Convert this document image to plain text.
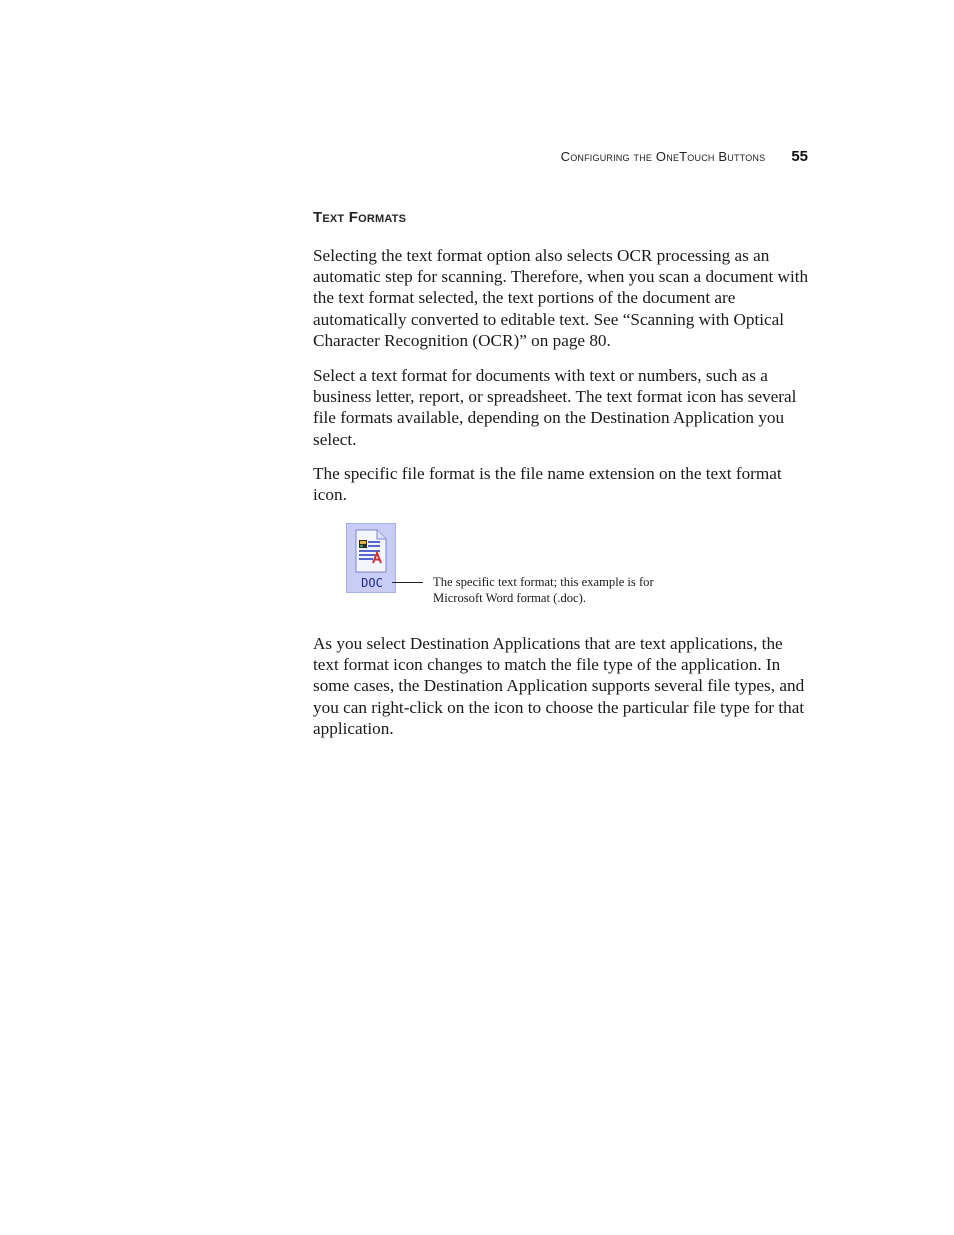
Configuring the OneTouch Buttons 55
Text Formats

Selecting the text format option also selects OCR processing as an automatic step for scanning. Therefore, when you scan a document with the text format selected, the text portions of the document are automatically converted to editable text. See “Scanning with Optical Character Recognition (OCR)” on page 80.

Select a text format for documents with text or numbers, such as a business letter, report, or spreadsheet. The text format icon has several file formats available, depending on the Destination Application you select.

The specific file format is the file name extension on the text format icon.

DOC	The specific text format; this example is for Microsoft Word format (.doc).

As you select Destination Applications that are text applications, the text format icon changes to match the file type of the application. In some cases, the Destination Application supports several file types, and you can right-click on the icon to choose the particular file type for that application.
